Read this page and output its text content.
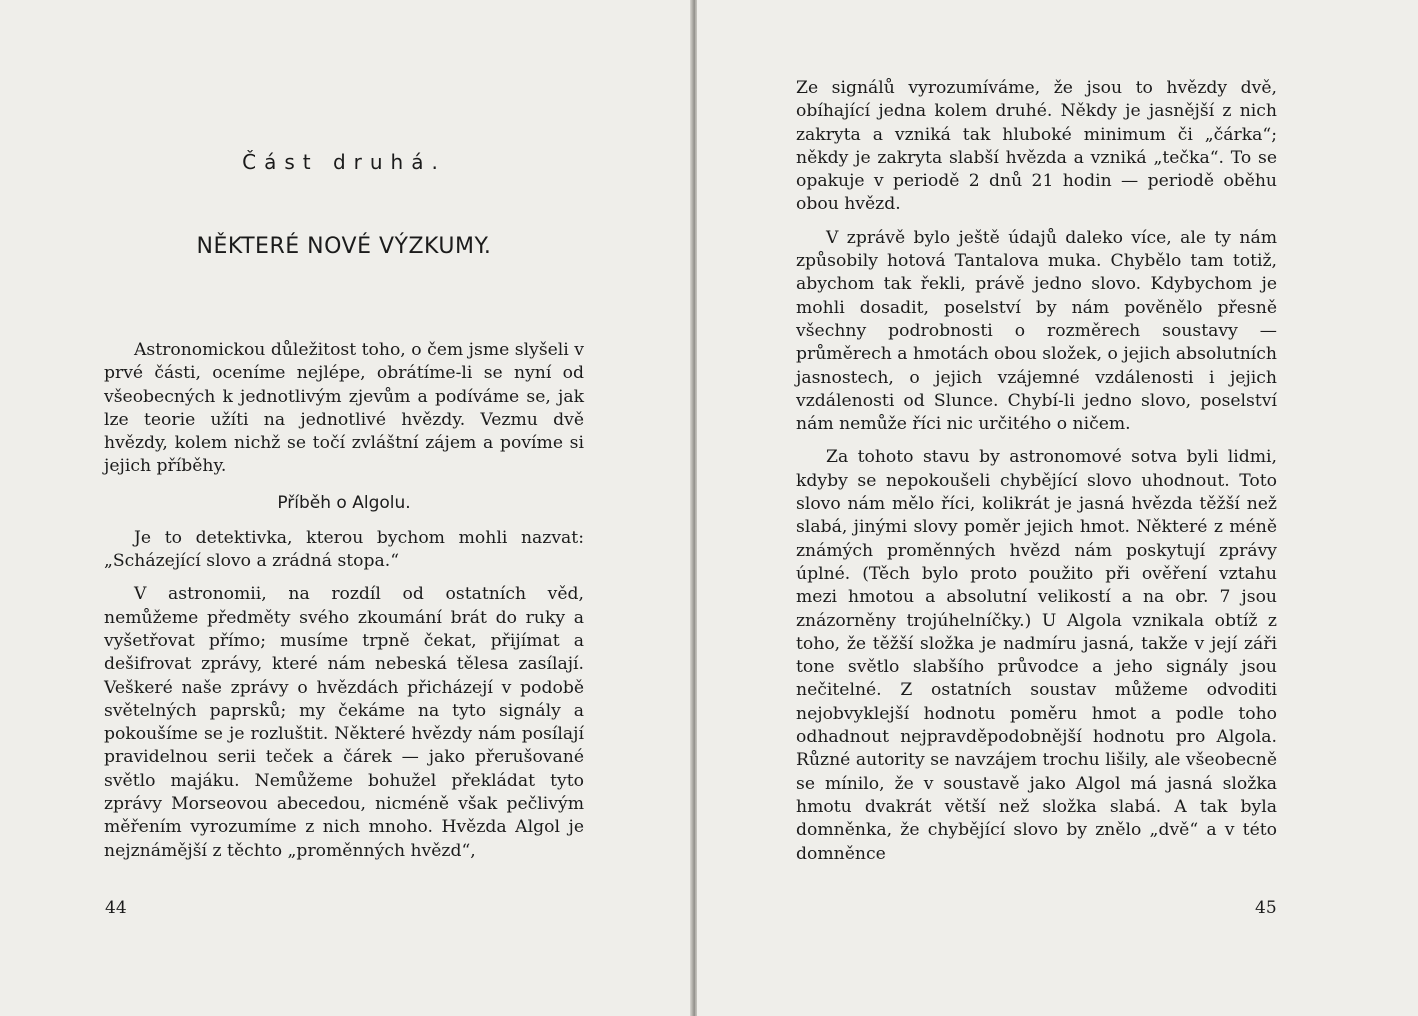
Část druhá.
NĚKTERÉ NOVÉ VÝZKUMY.

Astronomickou důležitost toho, o čem jsme slyšeli v prvé části, oceníme nejlépe, obrátíme-li se nyní od všeobecných k jednotlivým zjevům a podíváme se, jak lze teorie užíti na jednotlivé hvězdy. Vezmu dvě hvězdy, kolem nichž se točí zvláštní zájem a povíme si jejich příběhy.

Příběh o Algolu.

Je to detektivka, kterou bychom mohli nazvat: „Scházející slovo a zrádná stopa.“

V astronomii, na rozdíl od ostatních věd, nemůžeme předměty svého zkoumání brát do ruky a vyšetřovat přímo; musíme trpně čekat, přijímat a dešifrovat zprávy, které nám nebeská tělesa zasílají. Veškeré naše zprávy o hvězdách přicházejí v podobě světelných paprsků; my čekáme na tyto signály a pokoušíme se je rozluštit. Některé hvězdy nám posílají pravidelnou serii teček a čárek — jako přerušované světlo majáku. Nemůžeme bohužel překládat tyto zprávy Morseovou abecedou, nicméně však pečlivým měřením vyrozumíme z nich mnoho. Hvězda Algol je nejznámější z těchto „proměnných hvězd“,

44

Ze signálů vyrozumíváme, že jsou to hvězdy dvě, obíhající jedna kolem druhé. Někdy je jasnější z nich zakryta a vzniká tak hluboké minimum či „čárka“; někdy je zakryta slabší hvězda a vzniká „tečka“. To se opakuje v periodě 2 dnů 21 hodin — periodě oběhu obou hvězd.

V zprávě bylo ještě údajů daleko více, ale ty nám způsobily hotová Tantalova muka. Chybělo tam totiž, abychom tak řekli, právě jedno slovo. Kdybychom je mohli dosadit, poselství by nám pověnělo přesně všechny podrobnosti o rozměrech soustavy — průměrech a hmotách obou složek, o jejich absolutních jasnostech, o jejich vzájemné vzdálenosti i jejich vzdálenosti od Slunce. Chybí-li jedno slovo, poselství nám nemůže říci nic určitého o ničem.

Za tohoto stavu by astronomové sotva byli lidmi, kdyby se nepokoušeli chybějící slovo uhodnout. Toto slovo nám mělo říci, kolikrát je jasná hvězda těžší než slabá, jinými slovy poměr jejich hmot. Některé z méně známých proměnných hvězd nám poskytují zprávy úplné. (Těch bylo proto použito při ověření vztahu mezi hmotou a absolutní velikostí a na obr. 7 jsou znázorněny trojúhelníčky.) U Algola vznikala obtíž z toho, že těžší složka je nadmíru jasná, takže v její záři tone světlo slabšího průvodce a jeho signály jsou nečitelné. Z ostatních soustav můžeme odvoditi nejobvyklejší hodnotu poměru hmot a podle toho odhadnout nejpravděpodobnější hodnotu pro Algola. Různé autority se navzájem trochu lišily, ale všeobecně se mínilo, že v soustavě jako Algol má jasná složka hmotu dvakrát větší než složka slabá. A tak byla domněnka, že chybějící slovo by znělo „dvě“ a v této domněnce

45
